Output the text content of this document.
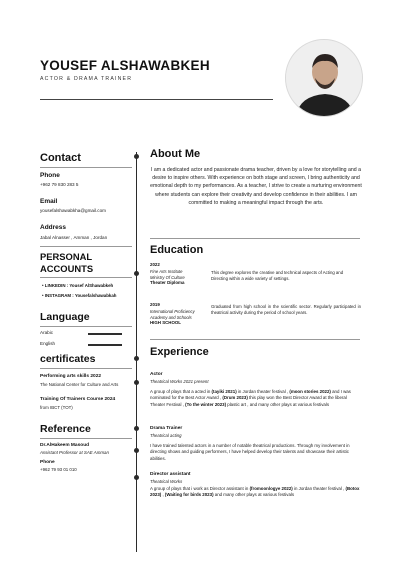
YOUSEF ALSHAWABKEH
ACTOR & DRAMA TRAINER
Contact
Phone
+962 79 830 283 5
Email
yousefalshawabkha@gmail.com
Address
Jabal Alnasser , Amman , Jordan
PERSONAL
ACCOUNTS
• LINKEDIN : Yousef AlShawabkeh
• INSTAGRAM : Yousefalshawabkah
Language
Arabic
English
certificates
Performing arts skills 2022
The National Center for Culture and Arts
Training Of Trainers Course 2024
from IBCT (TOT)
Reference
Dr.AlHakeem Masoud
Assistant Professor at SAE Amman
Phone
+962 79 93 01 010
About Me
I am a dedicated actor and passionate drama teacher, driven by a love for storytelling and a desire to inspire others. With experience on both stage and screen, I bring authenticity and emotional depth to my performances. As a teacher, I strive to create a nurturing environment where students can explore their creativity and develop confidence in their abilities. I am committed to making a meaningful impact through the arts.
Education
2022
Fine Arts Institute
Ministry Of Culture
Theater Diploma
This degree explores the creative and technical aspects of Acting and Directing within a wide variety of settings.
2019
International Proficiency
Academy and Schools
HIGH SCHOOL
Graduated from high school in the scientific sector. Regularly participated in theatrical activity during the period of school years.
Experience
Actor
Theatrical Works 2021 present
A group of plays that a acted in (tayiki 2021) in Jordan theater festival , (moon stories 2022) and I was nominated for the Best Actor Award , (Drum 2023) this play won the Best Director Award at the liberal Theater Festival , (To the winter 2023) plastic art , and many other plays at various festivals
Drama Trainer
Theatrical acting
I have trained talented actors in a number of notable theatrical productions. Through my involvement in directing shows and guiding performers, I have helped develop their talents and showcase their artistic abilities.
Director assistant
Theatrical Works
A group of plays that i work as Director assistant in (fromoonlogye 2022) in Jordan theater festival , (Botox 2023) , (Waiting for birds 2023) and many other plays at various festivals
